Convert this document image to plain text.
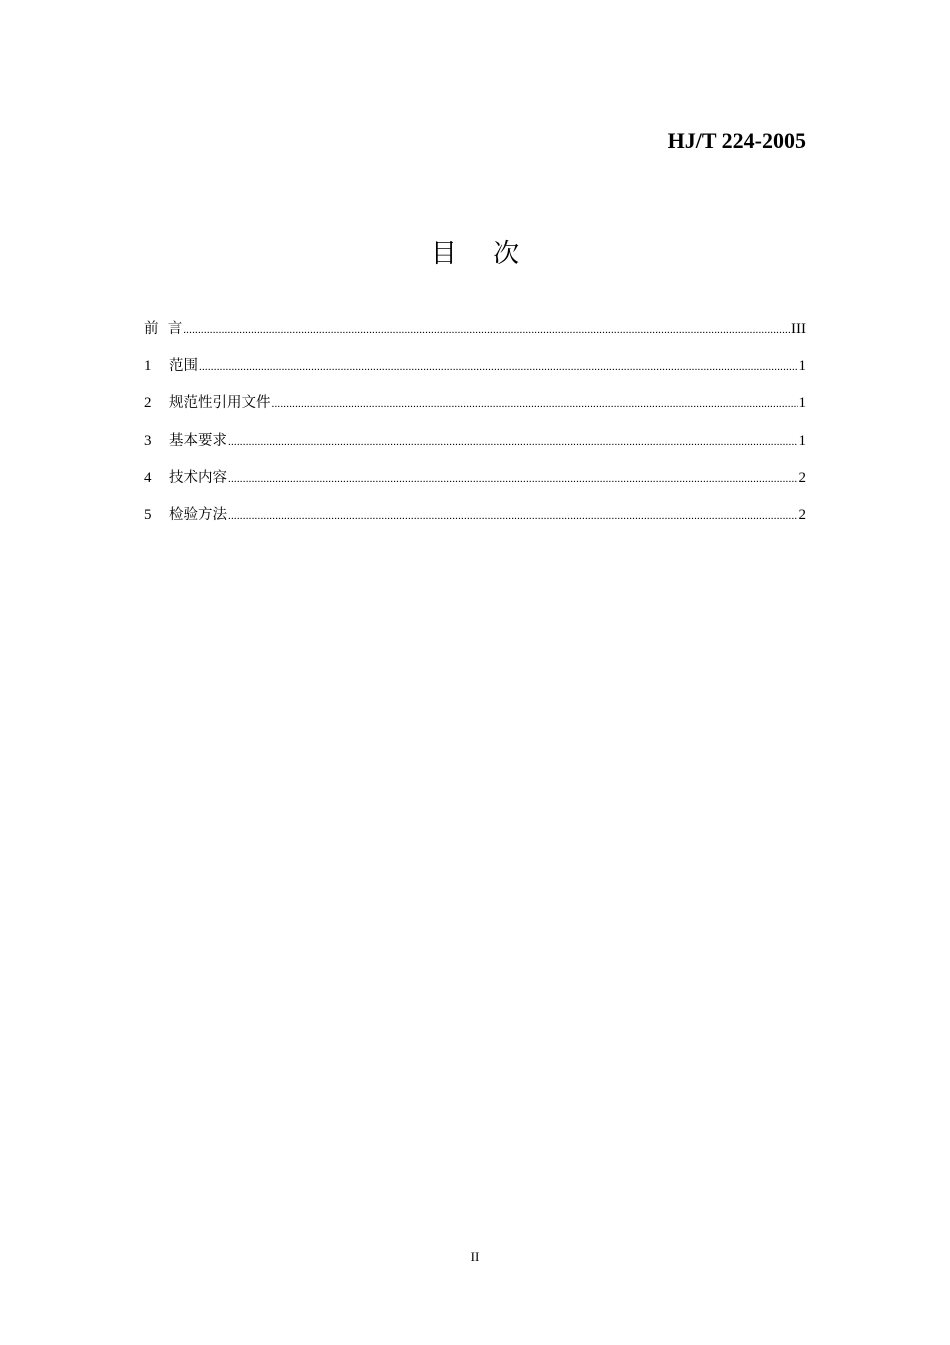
HJ/T 224-2005
目 次
前  言 .....	III
1	范围 .....	1
2	规范性引用文件 .....	1
3	基本要求 .....	1
4	技术内容 .....	2
5	检验方法 .....	2
II
